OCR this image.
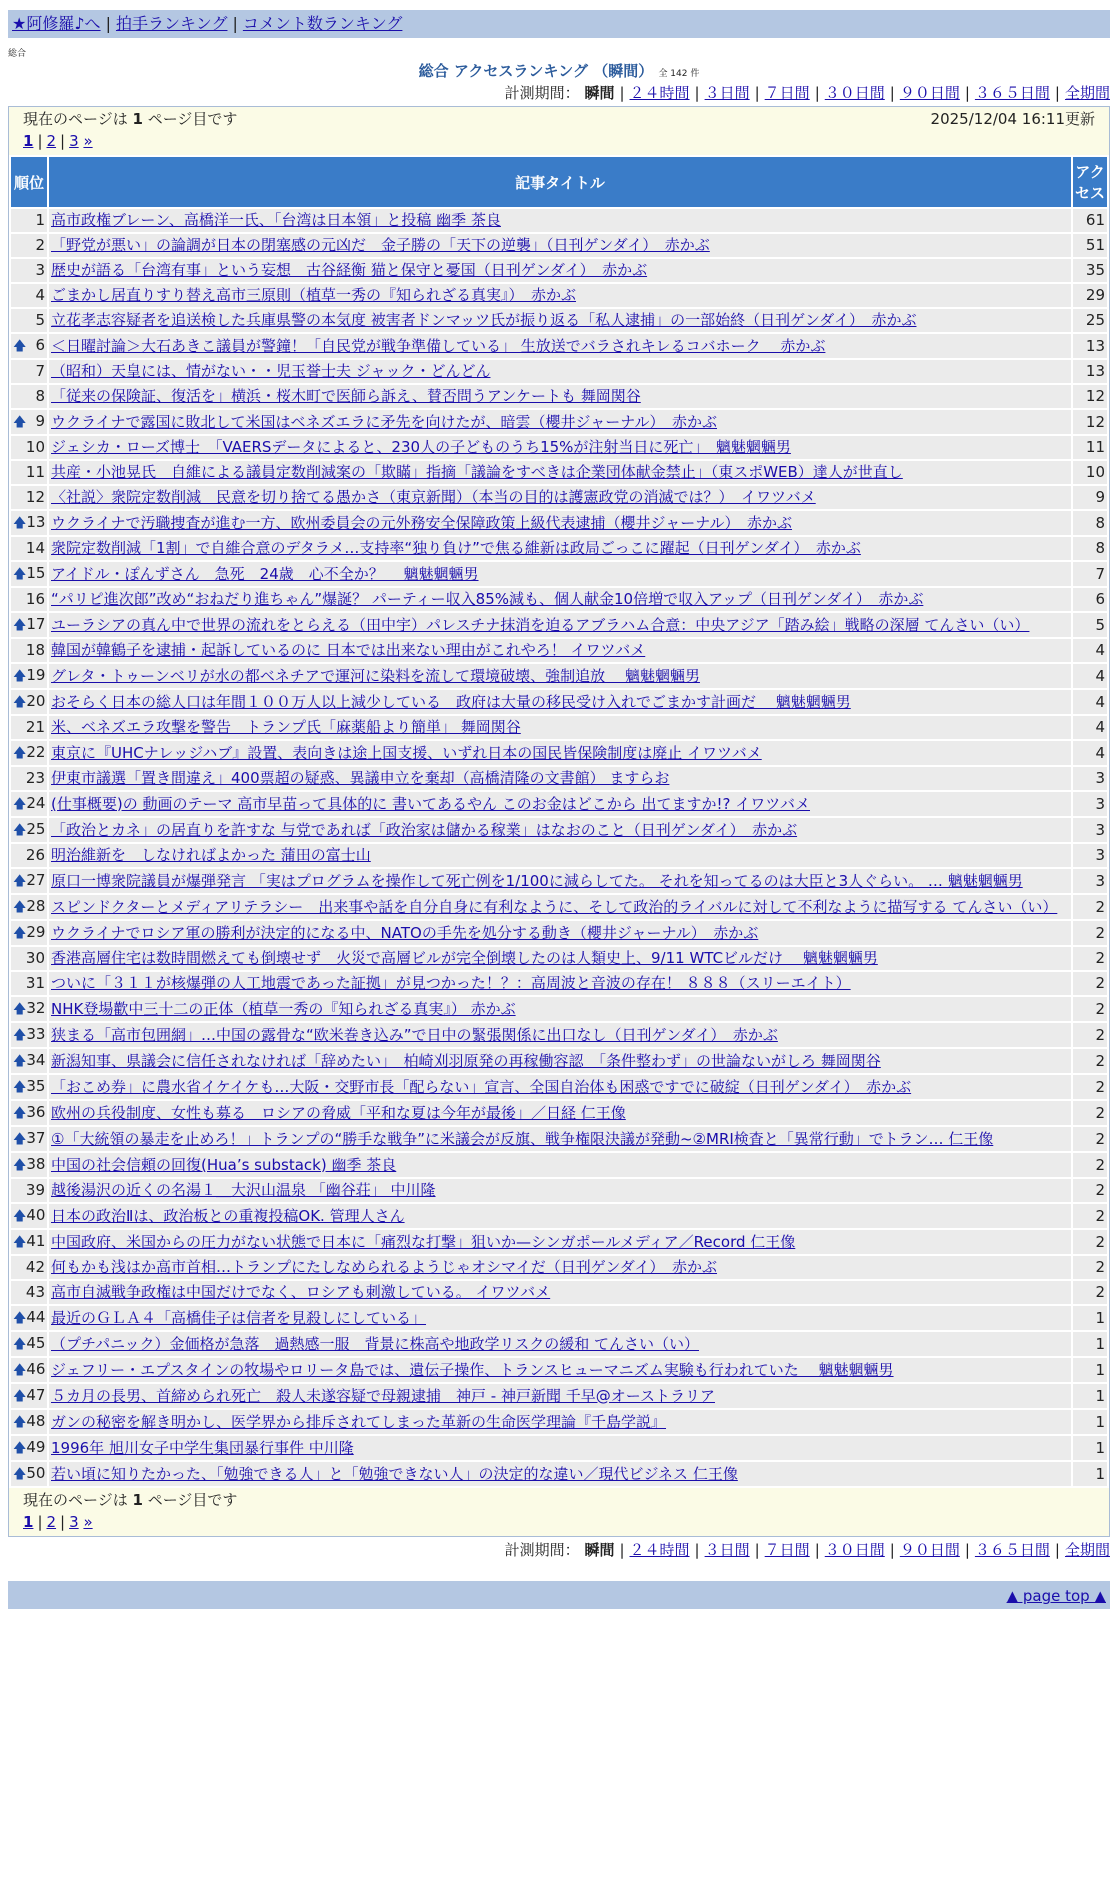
★阿修羅♪へ | 拍手ランキング | コメント数ランキング
総合
総合 アクセスランキング （瞬間） 全 142 件
計測期間： 瞬間 | ２４時間 | ３日間 | ７日間 | ３０日間 | ９０日間 | ３６５日間 | 全期間
現在のページは 1 ページ目です	2025/12/04 16:11更新
1 | 2 | 3 »
順位	記事タイトル	アクセス
1	高市政権ブレーン、高橋洋一氏、「台湾は日本領」と投稿 幽季 茶良	61
2	「野党が悪い」の論調が日本の閉塞感の元凶だ　金子勝の「天下の逆襲」（日刊ゲンダイ）　赤かぶ	51
3	歴史が語る「台湾有事」という妄想　古谷経衡 猫と保守と憂国（日刊ゲンダイ）　赤かぶ	35
4	ごまかし居直りすり替え高市三原則（植草一秀の『知られざる真実』）　赤かぶ	29
5	立花孝志容疑者を追送検した兵庫県警の本気度 被害者ドンマッツ氏が振り返る「私人逮捕」の一部始終（日刊ゲンダイ）　赤かぶ	25

🡅 6	＜日曜討論＞大石あきこ議員が警鐘！「自民党が戦争準備している」 生放送でバラされキレるコバホーク　 赤かぶ	13
7	（昭和）天皇には、情がない・・児玉誉士夫 ジャック・どんどん	13
8	「従来の保険証、復活を」横浜・桜木町で医師ら訴え、賛否問うアンケートも 舞岡関谷	12

🡅 9	ウクライナで露国に敗北して米国はベネズエラに矛先を向けたが、暗雲（櫻井ジャーナル）　赤かぶ	12
10	ジェシカ・ローズ博士　「VAERSデータによると、230人の子どものうち15%が注射当日に死亡」　魑魅魍魎男	11
11	共産・小池晃氏　自維による議員定数削減案の「欺瞞」指摘「議論をすべきは企業団体献金禁止」（東スポWEB）達人が世直し	10
12	〈社説〉衆院定数削減　民意を切り捨てる愚かさ（東京新聞）（本当の目的は護憲政党の消滅では？）　イワツバメ	9

🡅 13	ウクライナで汚職捜査が進む一方、欧州委員会の元外務安全保障政策上級代表逮捕（櫻井ジャーナル）　赤かぶ	8
14	衆院定数削減「1割」で自維合意のデタラメ…支持率“独り負け”で焦る維新は政局ごっこに躍起（日刊ゲンダイ）　赤かぶ	8

🡅 15	アイドル・ぽんずさん　急死　24歳　心不全か？　 魑魅魍魎男	7
16	“パリピ進次郎”改め“おねだり進ちゃん”爆誕？ パーティー収入85%減も、個人献金10倍増で収入アップ（日刊ゲンダイ）　赤かぶ	6

🡅 17	ユーラシアの真ん中で世界の流れをとらえる（田中宇）パレスチナ抹消を迫るアブラハム合意：中央アジア「踏み絵」戦略の深層 てんさい（い）	5
18	韓国が韓鶴子を逮捕・起訴しているのに 日本では出来ない理由がこれやろ！ イワツバメ	4

🡅 19	グレタ・トゥーンベリが水の都ベネチアで運河に染料を流して環境破壊、強制追放　 魑魅魍魎男	4

🡅 20	おそらく日本の総人口は年間１００万人以上減少している　政府は大量の移民受け入れでごまかす計画だ　 魑魅魍魎男	4
21	米、ベネズエラ攻撃を警告　トランプ氏「麻薬船より簡単」 舞岡関谷	4

🡅 22	東京に『UHCナレッジハブ』設置、表向きは途上国支援、いずれ日本の国民皆保険制度は廃止 イワツバメ	4
23	伊東市議選「置き間違え」400票超の疑惑、異議申立を棄却（高橋清隆の文書館） ますらお	3

🡅 24	(仕事概要)の 動画のテーマ 高市早苗って具体的に 書いてあるやん このお金はどこから 出てますか!? イワツバメ	3

🡅 25	「政治とカネ」の居直りを許すな 与党であれば「政治家は儲かる稼業」はなおのこと（日刊ゲンダイ）　赤かぶ	3
26	明治維新を　しなければよかった 蒲田の富士山	3

🡅 27	原口一博衆院議員が爆弾発言 「実はプログラムを操作して死亡例を1/100に減らしてた。 それを知ってるのは大臣と3人ぐらい。 … 魑魅魍魎男	3

🡅 28	スピンドクターとメディアリテラシー　出来事や話を自分自身に有利なように、そして政治的ライバルに対して不利なように描写する てんさい（い）	2

🡅 29	ウクライナでロシア軍の勝利が決定的になる中、NATOの手先を処分する動き（櫻井ジャーナル）　赤かぶ	2
30	香港高層住宅は数時間燃えても倒壊せず　火災で高層ビルが完全倒壊したのは人類史上、9/11 WTCビルだけ　 魑魅魍魎男	2
31	ついに「３１１が核爆弾の人工地震であった証拠」が見つかった！？：高周波と音波の存在！ ８８８（スリーエイト）	2

🡅 32	NHK登場歡中三十二の正体（植草一秀の『知られざる真実』） 赤かぶ	2

🡅 33	狭まる「高市包囲網」…中国の露骨な“欧米巻き込み”で日中の緊張関係に出口なし（日刊ゲンダイ）　赤かぶ	2

🡅 34	新潟知事、県議会に信任されなければ「辞めたい」　柏崎刈羽原発の再稼働容認　「条件整わず」の世論ないがしろ 舞岡関谷	2

🡅 35	「おこめ券」に農水省イケイケも…大阪・交野市長「配らない」宣言、全国自治体も困惑ですでに破綻（日刊ゲンダイ）　赤かぶ	2

🡅 36	欧州の兵役制度、女性も募る　ロシアの脅威「平和な夏は今年が最後」／日経 仁王像	2

🡅 37	①「大統領の暴走を止めろ！」トランプの“勝手な戦争”に米議会が反旗、戦争権限決議が発動~②MRI検査と「異常行動」でトラン… 仁王像	2

🡅 38	中国の社会信頼の回復(Hua’s substack) 幽季 茶良	2
39	越後湯沢の近くの名湯１＿大沢山温泉 「幽谷荘」 中川隆	2

🡅 40	日本の政治Ⅱは、政治板との重複投稿OK. 管理人さん	2

🡅 41	中国政府、米国からの圧力がない状態で日本に「痛烈な打撃」狙いか—シンガポールメディア／Record 仁王像	2
42	何もかも浅はか高市首相…トランプにたしなめられるようじゃオシマイだ（日刊ゲンダイ）　赤かぶ	2
43	高市自滅戦争政権は中国だけでなく、ロシアも刺激している。 イワツバメ	2

🡅 44	最近のＧＬＡ４「高橋佳子は信者を見殺しにしている」	1

🡅 45	（プチパニック）金価格が急落　過熱感一服　背景に株高や地政学リスクの緩和 てんさい（い）	1

🡅 46	ジェフリー・エプスタインの牧場やロリータ島では、遺伝子操作、トランスヒューマニズム実験も行われていた　 魑魅魍魎男	1

🡅 47	５カ月の長男、首締められ死亡　殺人未遂容疑で母親逮捕　神戸 - 神戸新聞 千早@オーストラリア	1

🡅 48	ガンの秘密を解き明かし、医学界から排斥されてしまった革新の生命医学理論『千島学説』	1

🡅 49	1996年 旭川女子中学生集団暴行事件 中川隆	1

🡅 50	若い頃に知りたかった、「勉強できる人」と「勉強できない人」の決定的な違い／現代ビジネス 仁王像	1
現在のページは 1 ページ目です
1 | 2 | 3 »
計測期間： 瞬間 | ２４時間 | ３日間 | ７日間 | ３０日間 | ９０日間 | ３６５日間 | 全期間
▲ page top ▲
